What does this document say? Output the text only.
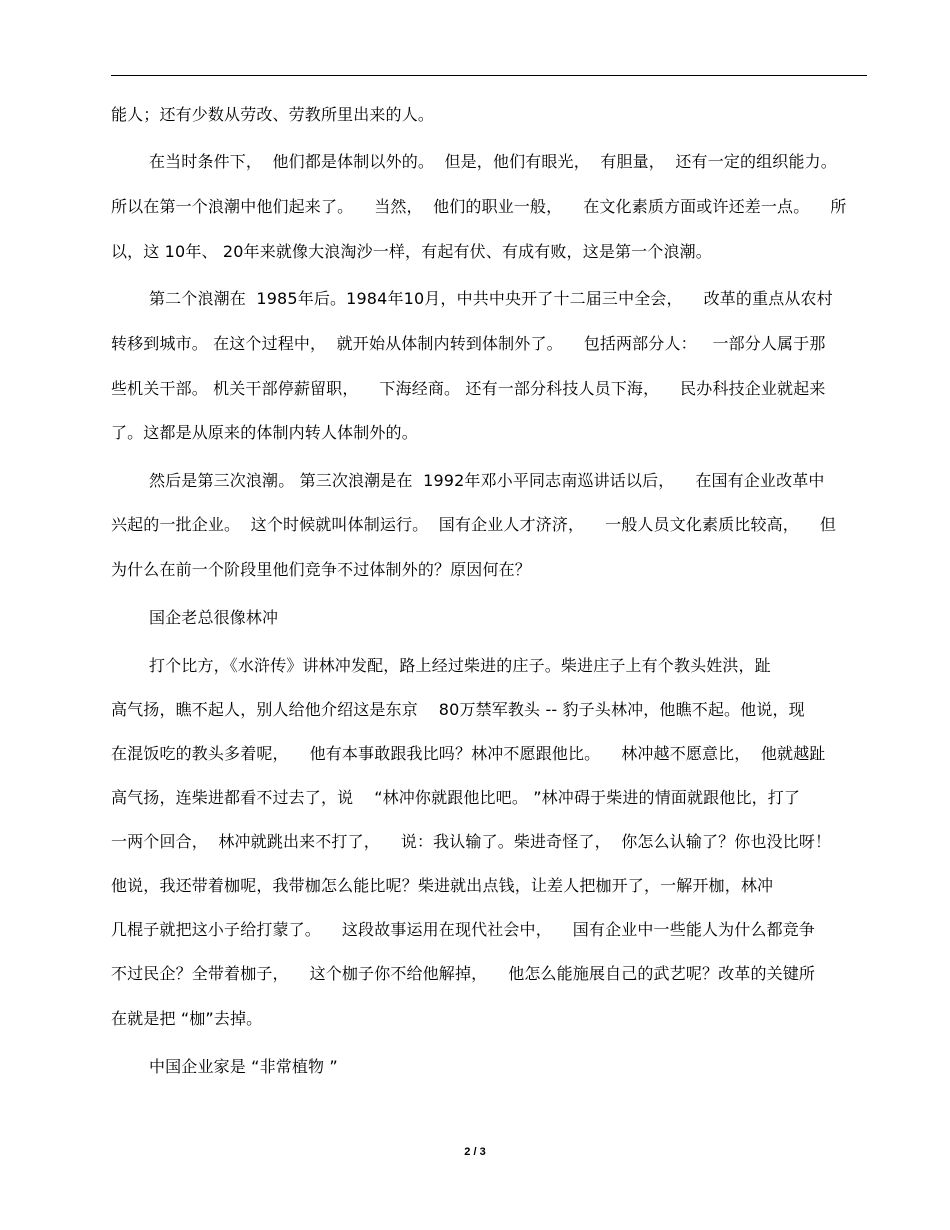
能人；还有少数从劳改、劳教所里出来的人。
在当时条件下，  他们都是体制以外的。  但是，他们有眼光，  有胆量，  还有一定的组织能力。
所以在第一个浪潮中他们起来了。    当然，  他们的职业一般，    在文化素质方面或许还差一点。    所
以，这 10年、 20年来就像大浪淘沙一样，有起有伏、有成有败，这是第一个浪潮。
第二个浪潮在  1985年后。1984年10月，中共中央开了十二届三中全会，    改革的重点从农村
转移到城市。 在这个过程中，  就开始从体制内转到体制外了。    包括两部分人：   一部分人属于那
些机关干部。 机关干部停薪留职，    下海经商。 还有一部分科技人员下海，    民办科技企业就起来
了。这都是从原来的体制内转人体制外的。
然后是第三次浪潮。 第三次浪潮是在  1992年邓小平同志南巡讲话以后，    在国有企业改革中
兴起的一批企业。  这个时候就叫体制运行。  国有企业人才济济，    一般人员文化素质比较高，    但
为什么在前一个阶段里他们竞争不过体制外的？原因何在？
国企老总很像林冲
打个比方，《水浒传》讲林冲发配，路上经过柴进的庄子。柴进庄子上有个教头姓洪，趾
高气扬，瞧不起人，别人给他介绍这是东京    80万禁军教头 -- 豹子头林冲，他瞧不起。他说，现
在混饭吃的教头多着呢，    他有本事敢跟我比吗？林冲不愿跟他比。    林冲越不愿意比，  他就越趾
高气扬，连柴进都看不过去了，说    “林冲你就跟他比吧。 ”林冲碍于柴进的情面就跟他比，打了
一两个回合，  林冲就跳出来不打了，    说：我认输了。柴进奇怪了，  你怎么认输了？你也没比呀！
他说，我还带着枷呢，我带枷怎么能比呢？柴进就出点钱，让差人把枷开了，一解开枷，林冲
几棍子就把这小子给打蒙了。    这段故事运用在现代社会中，    国有企业中一些能人为什么都竞争
不过民企？全带着枷子，    这个枷子你不给他解掉，    他怎么能施展自己的武艺呢？改革的关键所
在就是把 “枷”去掉。
中国企业家是 “非常植物 ”
2 / 3
